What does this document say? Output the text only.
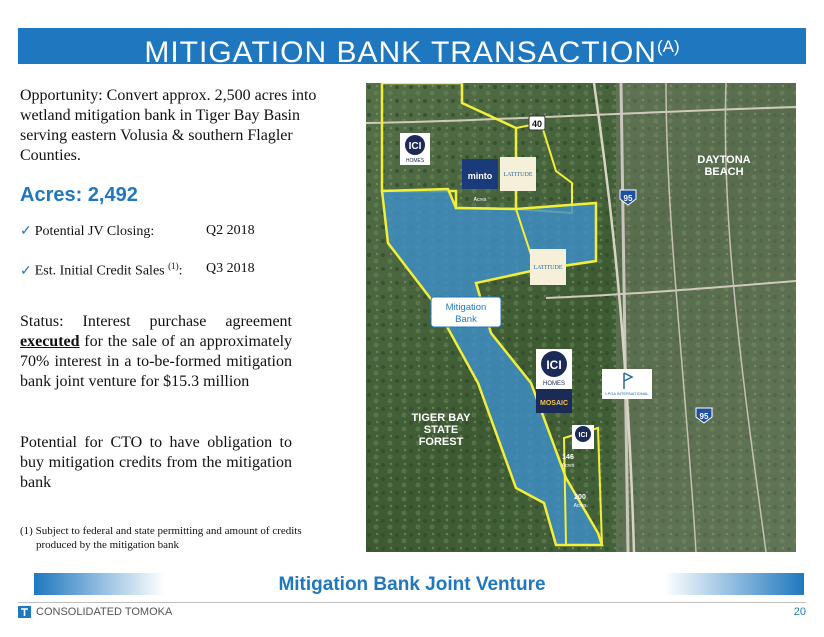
MITIGATION BANK $TRANSACTION^{(A)}$
Opportunity: Convert approx. 2,500 acres into wetland mitigation bank in Tiger Bay Basin serving eastern Volusia & southern Flagler Counties.
Acres: 2,492
✓ Potential JV Closing:	Q2 2018
✓ Est. Initial Credit Sales $^{(1)}$: Q3 2018
Status: Interest purchase agreement executed for the sale of an approximately 70% interest in a to-be-formed mitigation bank joint venture for $15.3 million
Potential for CTO to have obligation to buy mitigation credits from the mitigation bank
(1) Subject to federal and state permitting and amount of credits
produced by the mitigation bank
Mitigation
Bank
DAYTONA
BEACH
TIGER BAY
STATE
FOREST
40
95
95
ICI
HOMES
minto LATITUDE
LATITUDE
ICI
HOMES
MOSAIC
ICI
LPGA INTERNATIONAL
146
Acres
200
Acres
Acres
Mitigation Bank Joint Venture
CONSOLIDATED TOMOKA	20
